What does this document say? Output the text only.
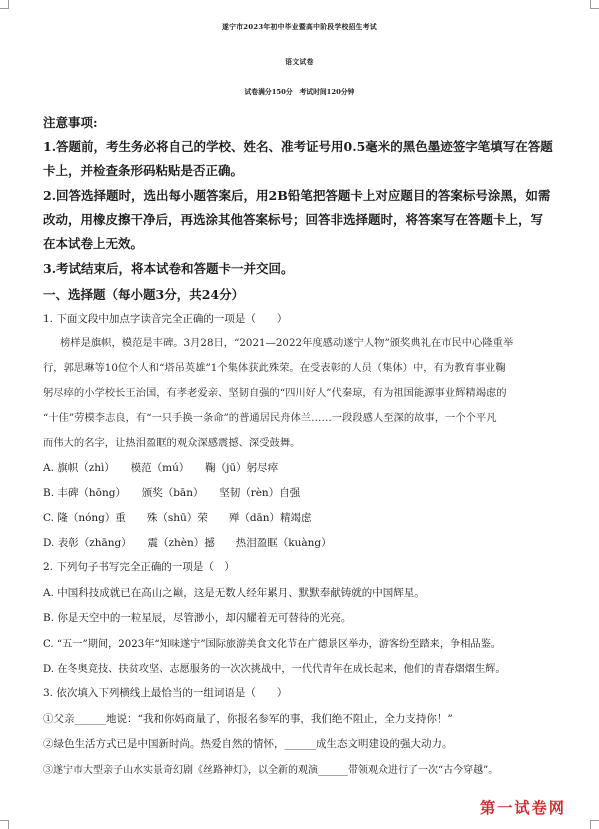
遂宁市2023年初中毕业暨高中阶段学校招生考试
语文试卷
试卷满分150分　考试时间120分钟
注意事项:
1.答题前，考生务必将自己的学校、姓名、准考证号用0.5毫米的黑色墨迹签字笔填写在答题
卡上，并检查条形码粘贴是否正确。
2.回答选择题时，选出每小题答案后，用2B铅笔把答题卡上对应题目的答案标号涂黑，如需
改动，用橡皮擦干净后，再选涂其他答案标号；回答非选择题时，将答案写在答题卡上，写
在本试卷上无效。
3.考试结束后，将本试卷和答题卡一并交回。
一、选择题（每小题3分，共24分）
1. 下面文段中加点字读音完全正确的一项是（　　）
榜样是旗帜，模范是丰碑。3月28日，“2021—2022年度感动遂宁人物”颁奖典礼在市民中心隆重举
行，郭思琳等10位个人和“塔吊英雄”1个集体获此殊荣。在受表彰的人员（集体）中，有为教育事业鞠
躬尽瘁的小学校长王治国，有孝老爱亲、坚韧自强的“四川好人”代秦琼，有为祖国能源事业辉精竭虑的
“十佳”劳模李志良，有“一只手换一条命”的普通居民舟体兰……一段段感人至深的故事，一个个平凡
而伟大的名字，让热泪盈眶的观众深感震撼、深受鼓舞。
A. 旗帜（zhì）　　模范（mú）　　鞠（jū）躬尽瘁
B. 丰碑（hōng）　　颁奖（bān）　　坚韧（rèn）自强
C. 隆（nóng）重　　殊（shū）荣　　殚（dān）精竭虑
D. 表彰（zhāng）　　震（zhèn）撼　　热泪盈眶（kuàng）
2. 下列句子书写完全正确的一项是（　）
A. 中国科技成就已在高山之巅，这是无数人经年累月、默默奉献铸就的中国辉星。
B. 你是天空中的一粒星辰，尽管渺小，却闪耀着无可替待的光亮。
C. “五一”期间，2023年“知味遂宁”国际旅游美食文化节在广德景区举办，游客纷至踏来，争相品鉴。
D. 在冬奥竞技、扶贫攻坚、志愿服务的一次次挑战中，一代代青年在成长起来，他们的青春熠熠生辉。
3. 依次填入下列横线上最恰当的一组词语是（　　）
①父亲______地说：“我和你妈商量了，你报名参军的事，我们绝不阻止，全力支持你！”
②绿色生活方式已是中国新时尚。热爱自然的情怀，______成生态文明建设的强大动力。
③遂宁市大型亲子山水实景奇幻剧《丝路神灯》，以全新的观演______带领观众进行了一次“古今穿越”。
第一试卷网
